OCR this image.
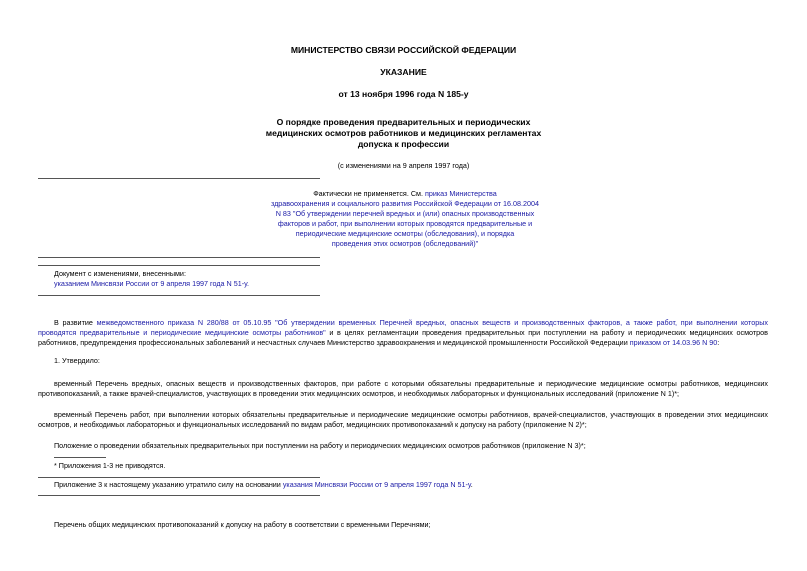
МИНИСТЕРСТВО СВЯЗИ РОССИЙСКОЙ ФЕДЕРАЦИИ
УКАЗАНИЕ
от 13 ноября 1996 года N 185-у
О порядке проведения предварительных и периодических
медицинских осмотров работников и медицинских регламентах
допуска к профессии
(с изменениями на 9 апреля 1997 года)
Фактически не применяется. См. приказ Министерства
здравоохранения и социального развития Российской Федерации от 16.08.2004
N 83 "Об утверждении перечней вредных и (или) опасных производственных
факторов и работ, при выполнении которых проводятся предварительные и
периодические медицинские осмотры (обследования), и порядка
проведения этих осмотров (обследований)"
Документ с изменениями, внесенными:
указанием Минсвязи России от 9 апреля 1997 года N 51-у.
В развитие межведомственного приказа N 280/88 от 05.10.95 "Об утверждении временных Перечней вредных, опасных веществ и производственных факторов, а также работ, при выполнении которых проводятся предварительные и периодические медицинские осмотры работников" и в целях регламентации проведения предварительных при поступлении на работу и периодических медицинских осмотров работников, предупреждения профессиональных заболеваний и несчастных случаев Министерство здравоохранения и медицинской промышленности Российской Федерации приказом от 14.03.96 N 90:
1. Утвердило:
временный Перечень вредных, опасных веществ и производственных факторов, при работе с которыми обязательны предварительные и периодические медицинские осмотры работников, медицинских противопоказаний, а также врачей-специалистов, участвующих в проведении этих медицинских осмотров, и необходимых лабораторных и функциональных исследований (приложение N 1)*;
временный Перечень работ, при выполнении которых обязательны предварительные и периодические медицинские осмотры работников, врачей-специалистов, участвующих в проведении этих медицинских осмотров, и необходимых лабораторных и функциональных исследований по видам работ, медицинских противопоказаний к допуску на работу (приложение N 2)*;
Положение о проведении обязательных предварительных при поступлении на работу и периодических медицинских осмотров работников (приложение N 3)*;
* Приложения 1-3 не приводятся.
Приложение 3 к настоящему указанию утратило силу на основании указания Минсвязи России от 9 апреля 1997 года N 51-у.
Перечень общих медицинских противопоказаний к допуску на работу в соответствии с временными Перечнями;
